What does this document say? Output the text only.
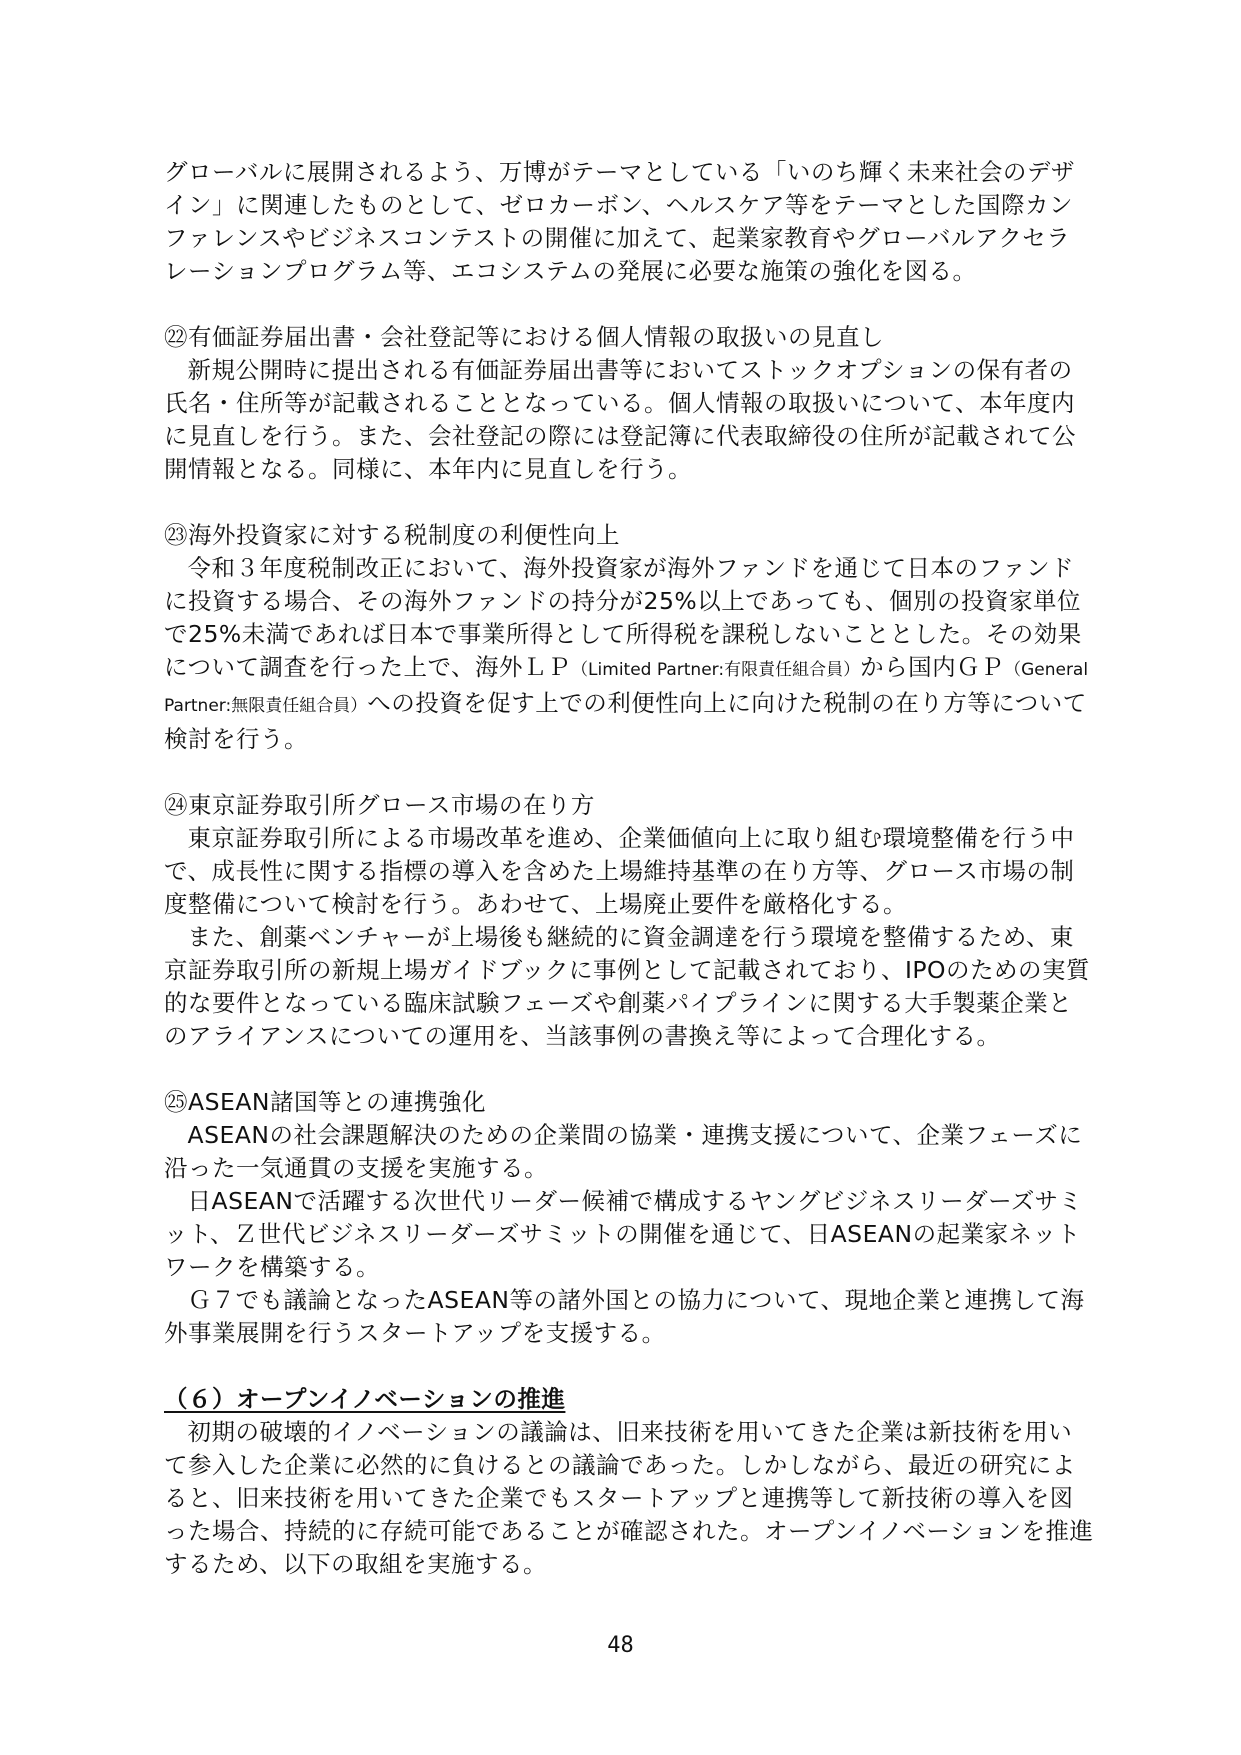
グローバルに展開されるよう、万博がテーマとしている「いのち輝く未来社会のデザイン」に関連したものとして、ゼロカーボン、ヘルスケア等をテーマとした国際カンファレンスやビジネスコンテストの開催に加えて、起業家教育やグローバルアクセラレーションプログラム等、エコシステムの発展に必要な施策の強化を図る。

㉒有価証券届出書・会社登記等における個人情報の取扱いの見直し

新規公開時に提出される有価証券届出書等においてストックオプションの保有者の氏名・住所等が記載されることとなっている。個人情報の取扱いについて、本年度内に見直しを行う。また、会社登記の際には登記簿に代表取締役の住所が記載されて公開情報となる。同様に、本年内に見直しを行う。

㉓海外投資家に対する税制度の利便性向上

令和３年度税制改正において、海外投資家が海外ファンドを通じて日本のファンドに投資する場合、その海外ファンドの持分が25%以上であっても、個別の投資家単位で25%未満であれば日本で事業所得として所得税を課税しないこととした。その効果について調査を行った上で、海外ＬＰ（Limited Partner:有限責任組合員）から国内ＧＰ（General Partner:無限責任組合員）への投資を促す上での利便性向上に向けた税制の在り方等について検討を行う。

㉔東京証券取引所グロース市場の在り方

東京証券取引所による市場改革を進め、企業価値向上に取り組む環境整備を行う中で、成長性に関する指標の導入を含めた上場維持基準の在り方等、グロース市場の制度整備について検討を行う。あわせて、上場廃止要件を厳格化する。

また、創薬ベンチャーが上場後も継続的に資金調達を行う環境を整備するため、東京証券取引所の新規上場ガイドブックに事例として記載されており、IPOのための実質的な要件となっている臨床試験フェーズや創薬パイプラインに関する大手製薬企業とのアライアンスについての運用を、当該事例の書換え等によって合理化する。

㉕ASEAN諸国等との連携強化

ASEANの社会課題解決のための企業間の協業・連携支援について、企業フェーズに沿った一気通貫の支援を実施する。

日ASEANで活躍する次世代リーダー候補で構成するヤングビジネスリーダーズサミット、Ｚ世代ビジネスリーダーズサミットの開催を通じて、日ASEANの起業家ネットワークを構築する。

Ｇ７でも議論となったASEAN等の諸外国との協力について、現地企業と連携して海外事業展開を行うスタートアップを支援する。

（６）オープンイノベーションの推進

初期の破壊的イノベーションの議論は、旧来技術を用いてきた企業は新技術を用いて参入した企業に必然的に負けるとの議論であった。しかしながら、最近の研究によると、旧来技術を用いてきた企業でもスタートアップと連携等して新技術の導入を図った場合、持続的に存続可能であることが確認された。オープンイノベーションを推進するため、以下の取組を実施する。

48
